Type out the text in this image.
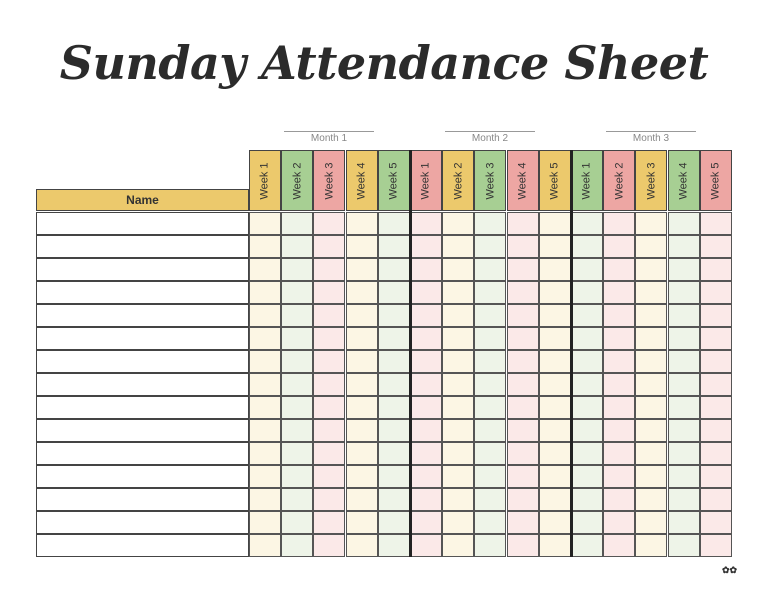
Sunday Attendance Sheet
Name
Month 1	Month 2	Month 3
Week 1 Week 2 Week 3 Week 4 Week 5 Week 1 Week 2 Week 3 Week 4 Week 5 Week 1 Week 2 Week 3 Week 4 Week 5
✿✿
